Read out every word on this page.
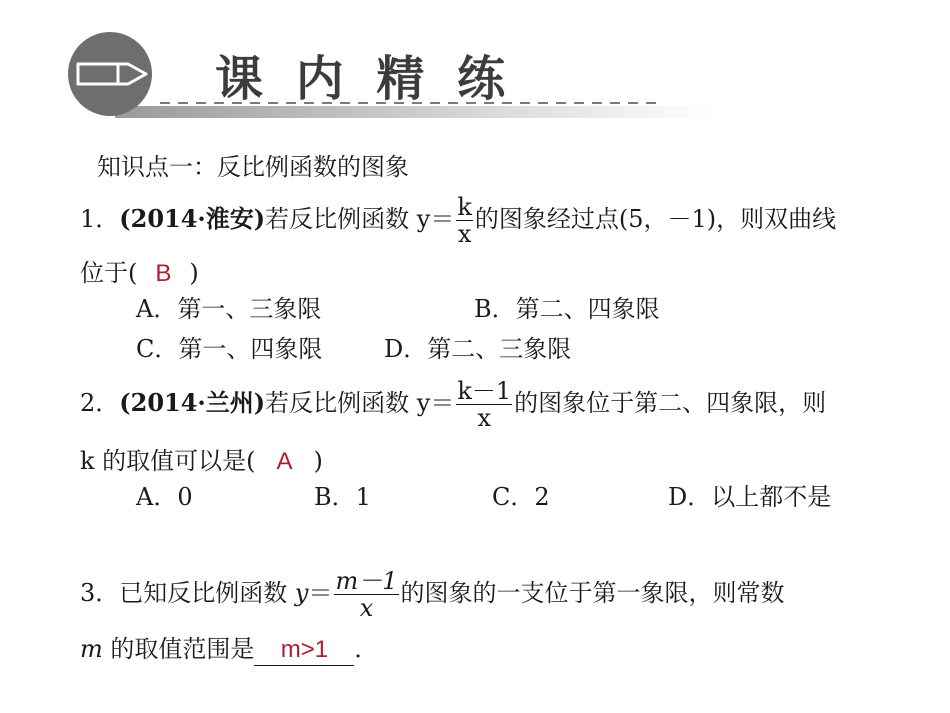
课 内 精 练
知识点一：反比例函数的图象
1．(2014·淮安)若反比例函数 $y= \frac{k}{x}$ 的图象经过点(5，－1)，则双曲线
位于( B )
A．第一、三象限	B．第二、四象限
C．第一、四象限	D．第二、三象限
2．(2014·兰州)若反比例函数 $y= \frac{k-1}{x}$ 的图象位于第二、四象限，则
k 的取值可以是( A )
A．0	B．1	C．2	D．以上都不是
3．已知反比例函数 $y= \frac{m-1}{x}$ 的图象的一支位于第一象限，则常数
m 的取值范围是 m>1 ．
